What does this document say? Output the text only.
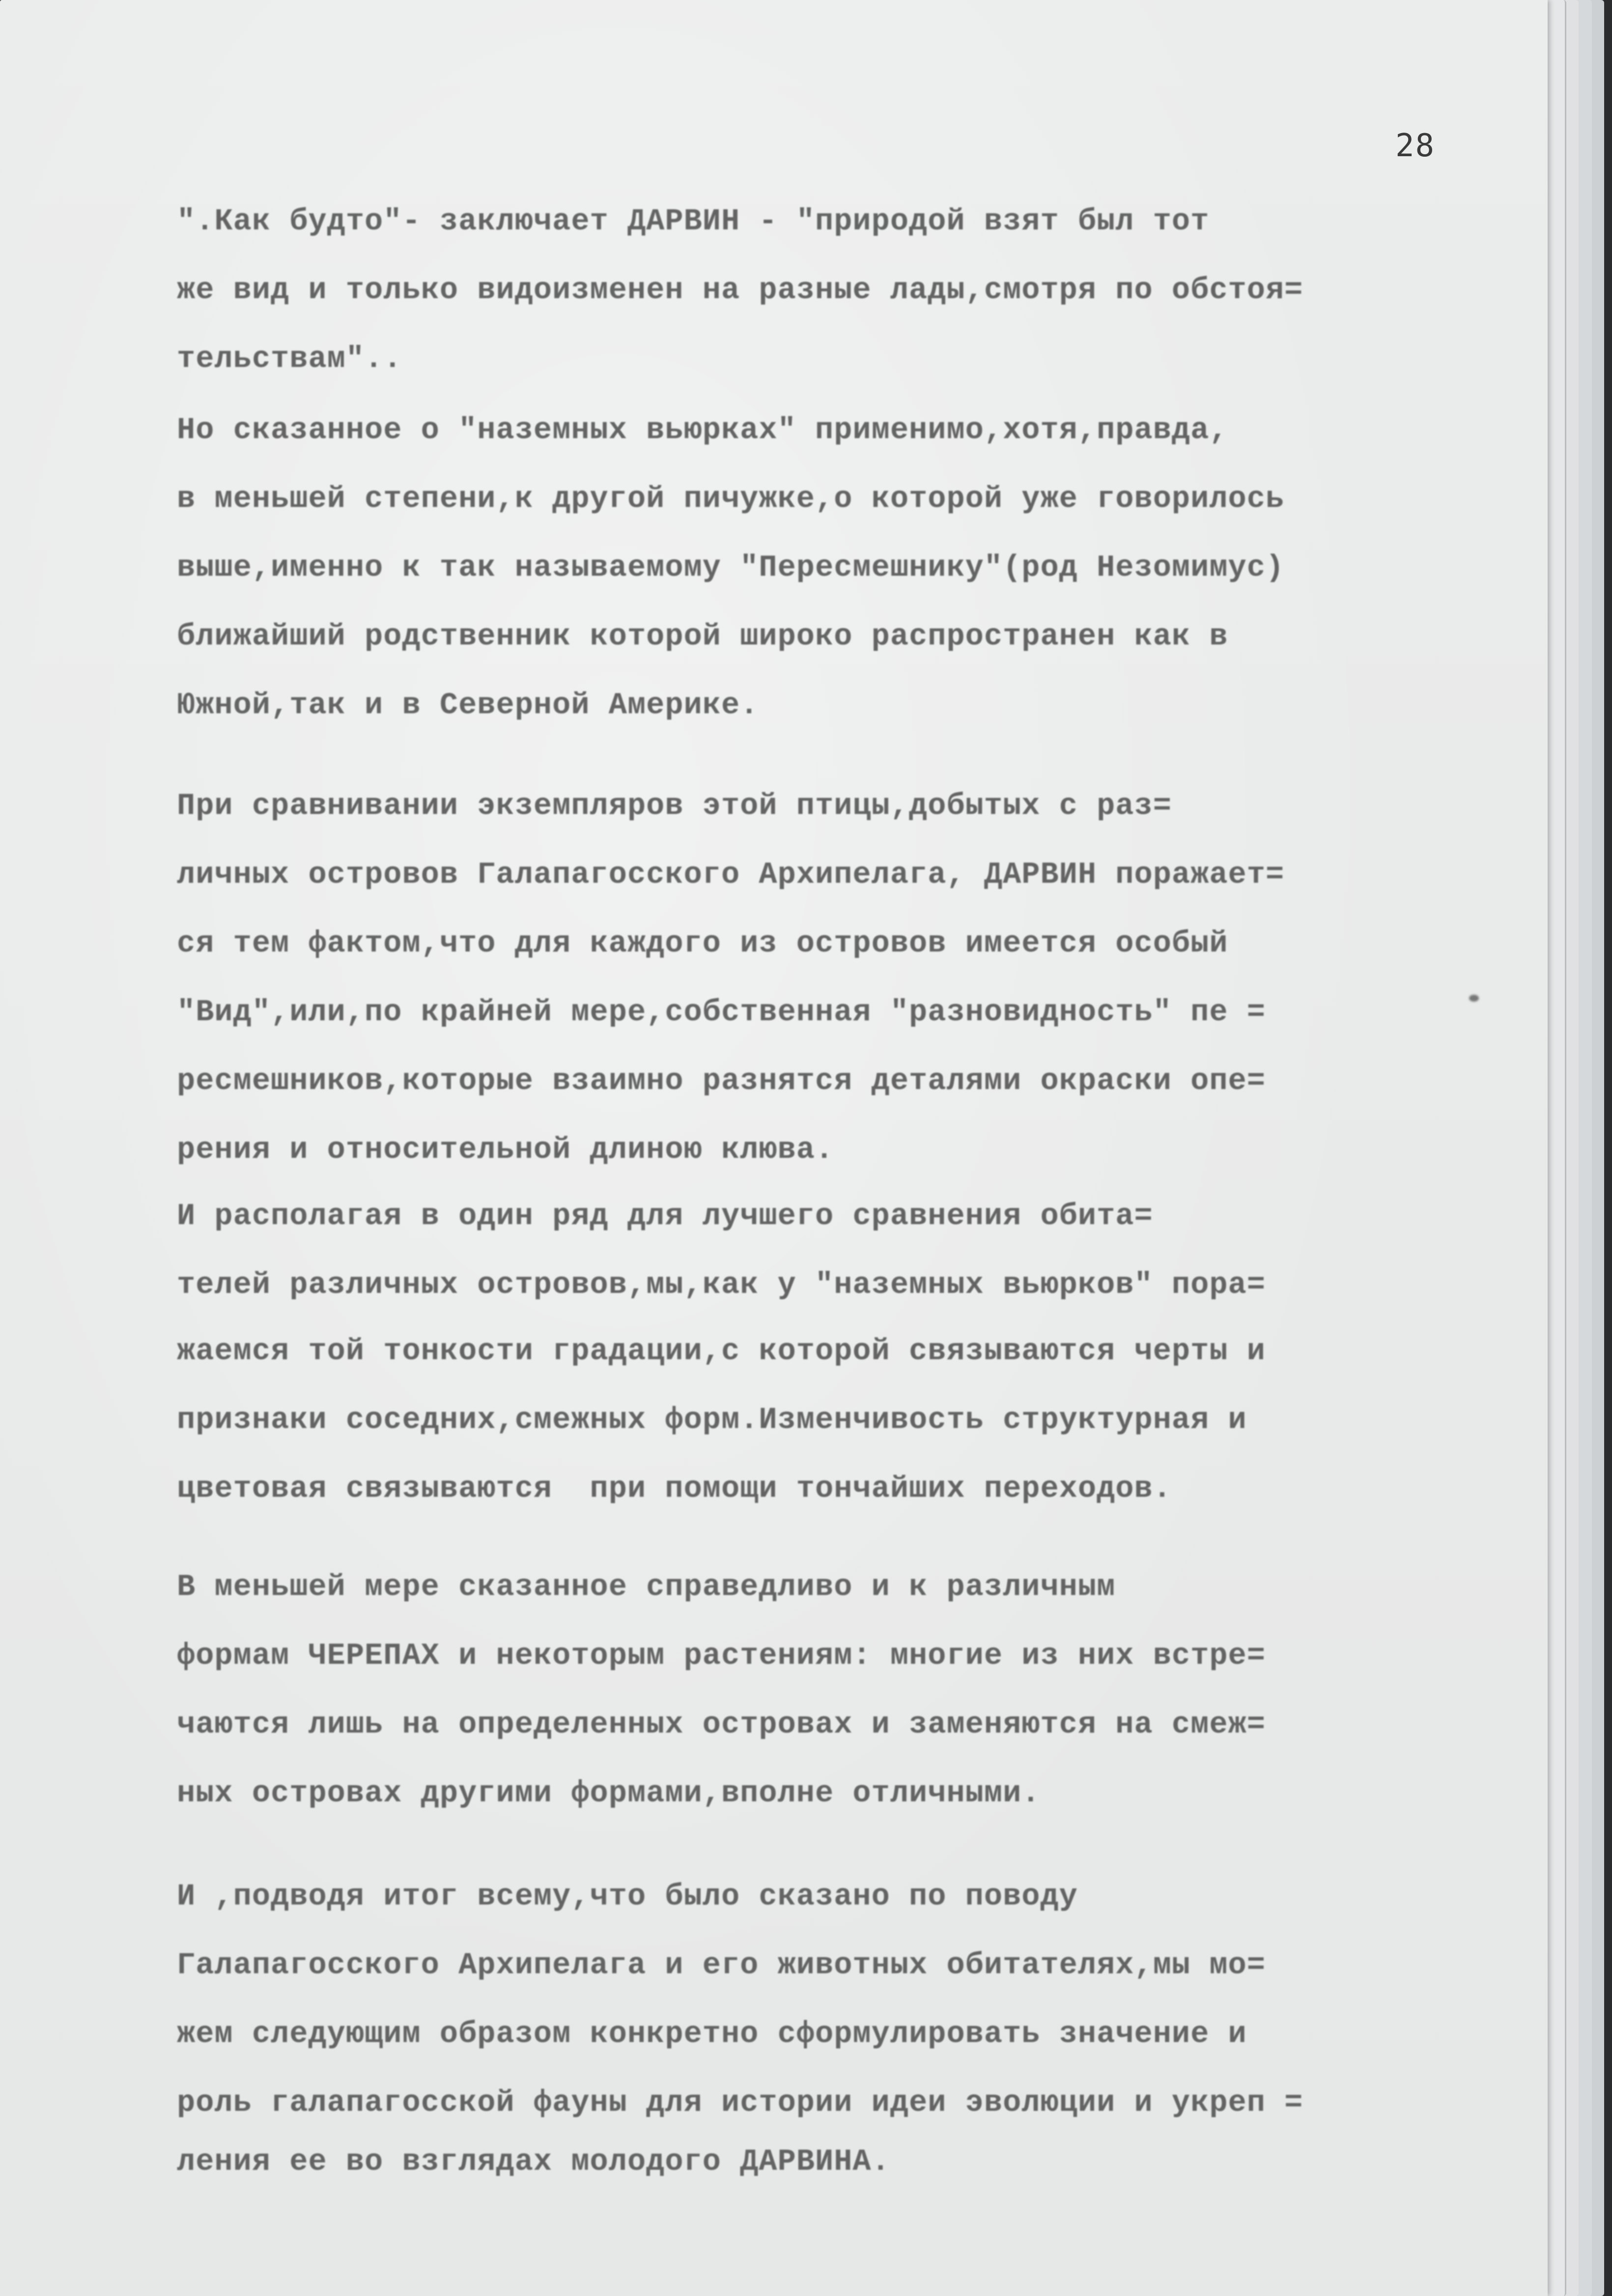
28
".Как будто"- заключает ДАРВИН - "природой взят был тот
же вид и только видоизменен на разные лады,смотря по обстоя=
тельствам"..
Но сказанное о "наземных вьюрках" применимо,хотя,правда,
в меньшей степени,к другой пичужке,о которой уже говорилось
выше,именно к так называемому "Пересмешнику"(род Незомимус)
ближайший родственник которой широко распространен как в
Южной,так и в Северной Америке.
При сравнивании экземпляров этой птицы,добытых с раз=
личных островов Галапагосского Архипелага, ДАРВИН поражает=
ся тем фактом,что для каждого из островов имеется особый
"Вид",или,по крайней мере,собственная "разновидность" пе =
ресмешников,которые взаимно разнятся деталями окраски опе=
рения и относительной длиною клюва.
И располагая в один ряд для лучшего сравнения обита=
телей различных островов,мы,как у "наземных вьюрков" пора=
жаемся той тонкости градации,с которой связываются черты и
признаки соседних,смежных форм.Изменчивость структурная и
цветовая связываются  при помощи тончайших переходов.
В меньшей мере сказанное справедливо и к различным
формам ЧЕРЕПАХ и некоторым растениям: многие из них встре=
чаются лишь на определенных островах и заменяются на смеж=
ных островах другими формами,вполне отличными.
И ,подводя итог всему,что было сказано по поводу
Галапагосского Архипелага и его животных обитателях,мы мо=
жем следующим образом конкретно сформулировать значение и
роль галапагосской фауны для истории идеи эволюции и укреп =
ления ее во взглядах молодого ДАРВИНА.
